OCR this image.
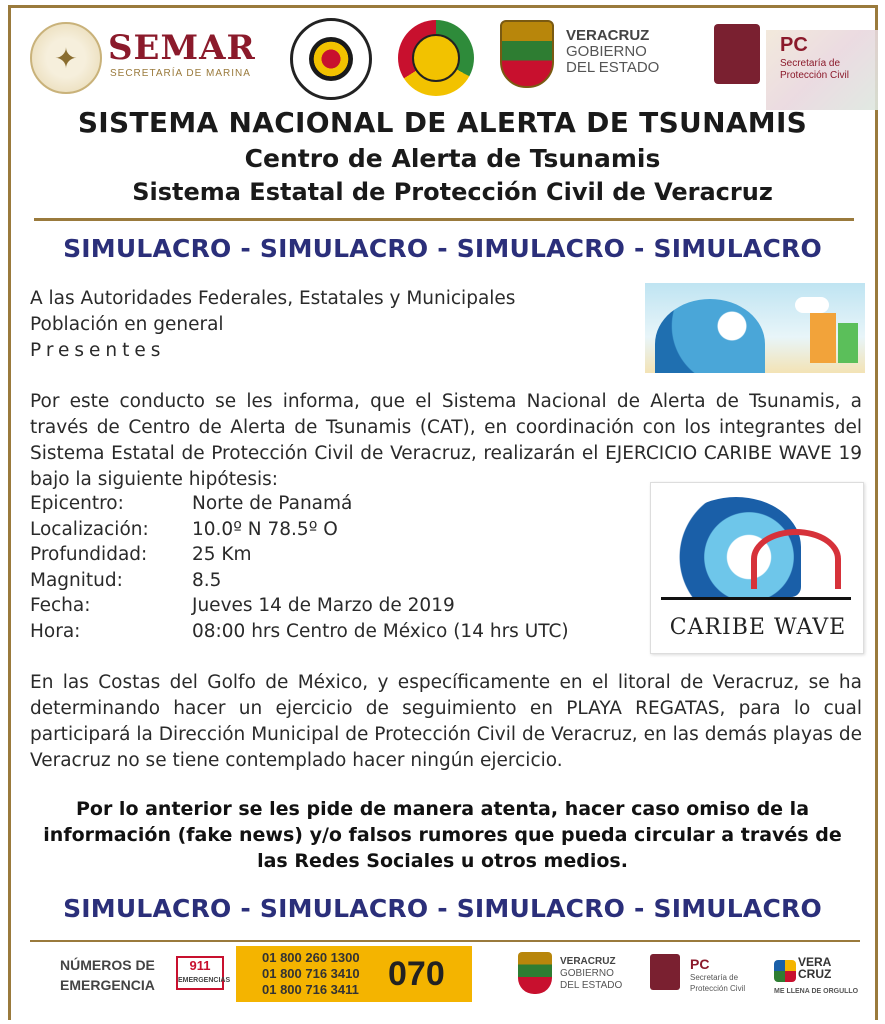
✦ SEMAR
SECRETARÍA DE MARINA
VERACRUZ
GOBIERNO
DEL ESTADO
PC
Secretaría de Protección Civil
SISTEMA NACIONAL DE ALERTA DE TSUNAMIS
Centro de Alerta de Tsunamis
Sistema Estatal de Protección Civil de Veracruz
SIMULACRO - SIMULACRO - SIMULACRO - SIMULACRO
A las Autoridades Federales, Estatales y Municipales
Población en general
Presentes
Por este conducto se les informa, que el Sistema Nacional de Alerta de Tsunamis, a través de Centro de Alerta de Tsunamis (CAT), en coordinación con los integrantes del Sistema Estatal de Protección Civil de Veracruz, realizarán el EJERCICIO CARIBE WAVE 19 bajo la siguiente hipótesis:
Epicentro:	Norte de Panamá
Localización:	10.0º N 78.5º O
Profundidad:	25 Km
Magnitud:	8.5
Fecha:	Jueves 14 de Marzo de 2019
Hora:	08:00 hrs Centro de México (14 hrs UTC)	CARIBE WAVE
En las Costas del Golfo de México, y específicamente en el litoral de Veracruz, se ha determinando hacer un ejercicio de seguimiento en PLAYA REGATAS, para lo cual participará la Dirección Municipal de Protección Civil de Veracruz, en las demás playas de Veracruz no se tiene contemplado hacer ningún ejercicio.
Por lo anterior se les pide de manera atenta, hacer caso omiso de la información (fake news) y/o falsos rumores que pueda circular a través de las Redes Sociales u otros medios.
SIMULACRO - SIMULACRO - SIMULACRO - SIMULACRO
NÚMEROS DE
EMERGENCIA
911
EMERGENCIAS
01 800 260 1300
01 800 716 3410
01 800 716 3411 070	VERACRUZ
GOBIERNO
DEL ESTADO
PC
Secretaría de
Protección Civil
VERA
CRUZ
ME LLENA DE ORGULLO
